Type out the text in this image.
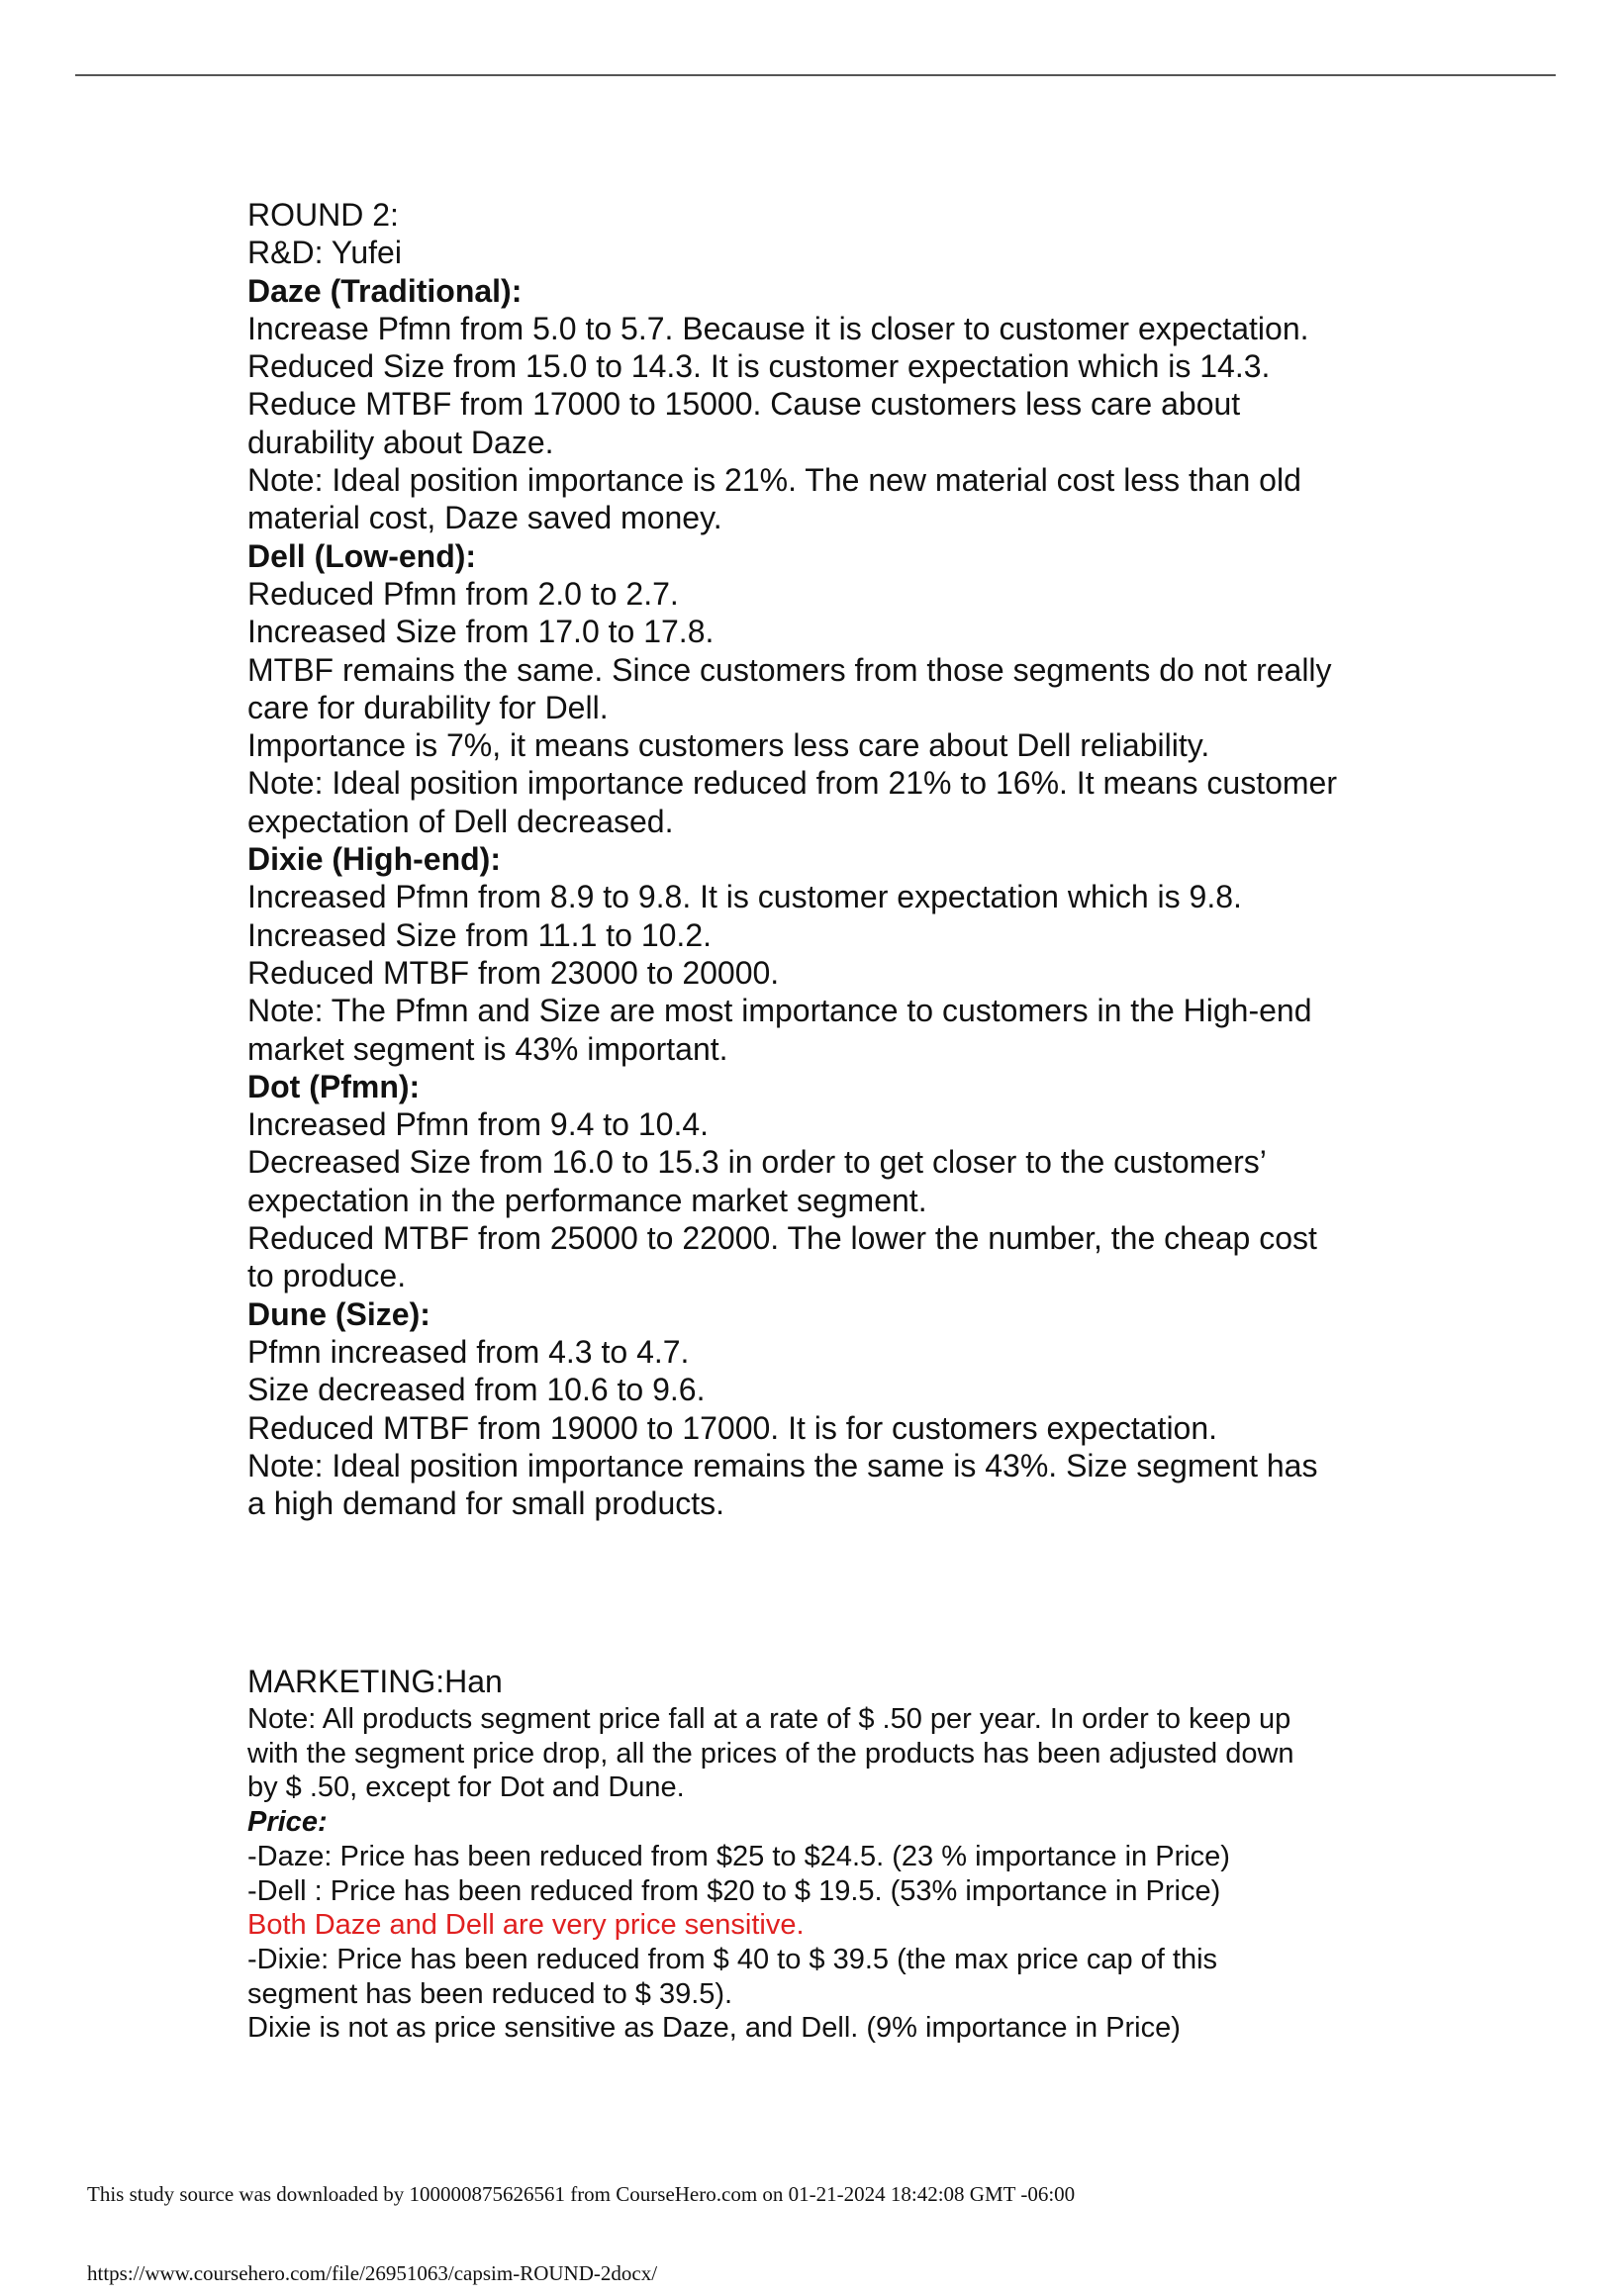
ROUND 2:
R&D: Yufei
Daze (Traditional):
Increase Pfmn from 5.0 to 5.7. Because it is closer to customer expectation.
Reduced Size from 15.0 to 14.3. It is customer expectation which is 14.3.
Reduce MTBF from 17000 to 15000. Cause customers less care about
durability about Daze.
Note: Ideal position importance is 21%. The new material cost less than old
material cost, Daze saved money.
Dell (Low-end):
Reduced Pfmn from 2.0 to 2.7.
Increased Size from 17.0 to 17.8.
MTBF remains the same. Since customers from those segments do not really
care for durability for Dell.
Importance is 7%, it means customers less care about Dell reliability.
Note: Ideal position importance reduced from 21% to 16%. It means customer
expectation of Dell decreased.
Dixie (High-end):
Increased Pfmn from 8.9 to 9.8. It is customer expectation which is 9.8.
Increased Size from 11.1 to 10.2.
Reduced MTBF from 23000 to 20000.
Note: The Pfmn and Size are most importance to customers in the High-end
market segment is 43% important.
Dot (Pfmn):
Increased Pfmn from 9.4 to 10.4.
Decreased Size from 16.0 to 15.3 in order to get closer to the customers’
expectation in the performance market segment.
Reduced MTBF from 25000 to 22000. The lower the number, the cheap cost
to produce.
Dune (Size):
Pfmn increased from 4.3 to 4.7.
Size decreased from 10.6 to 9.6.
Reduced MTBF from 19000 to 17000. It is for customers expectation.
Note: Ideal position importance remains the same is 43%. Size segment has
a high demand for small products.
MARKETING:Han
Note: All products segment price fall at a rate of $ .50 per year. In order to keep up
with the segment price drop, all the prices of the products has been adjusted down
by $ .50, except for Dot and Dune.
Price:
-Daze: Price has been reduced from $25 to $24.5. (23 % importance in Price)
-Dell : Price has been reduced from $20 to $ 19.5. (53% importance in Price)
Both Daze and Dell are very price sensitive.
-Dixie: Price has been reduced from $ 40 to $ 39.5 (the max price cap of this
segment has been reduced to $ 39.5).
Dixie is not as price sensitive as Daze, and Dell. (9% importance in Price)
This study source was downloaded by 100000875626561 from CourseHero.com on 01-21-2024 18:42:08 GMT -06:00
https://www.coursehero.com/file/26951063/capsim-ROUND-2docx/
